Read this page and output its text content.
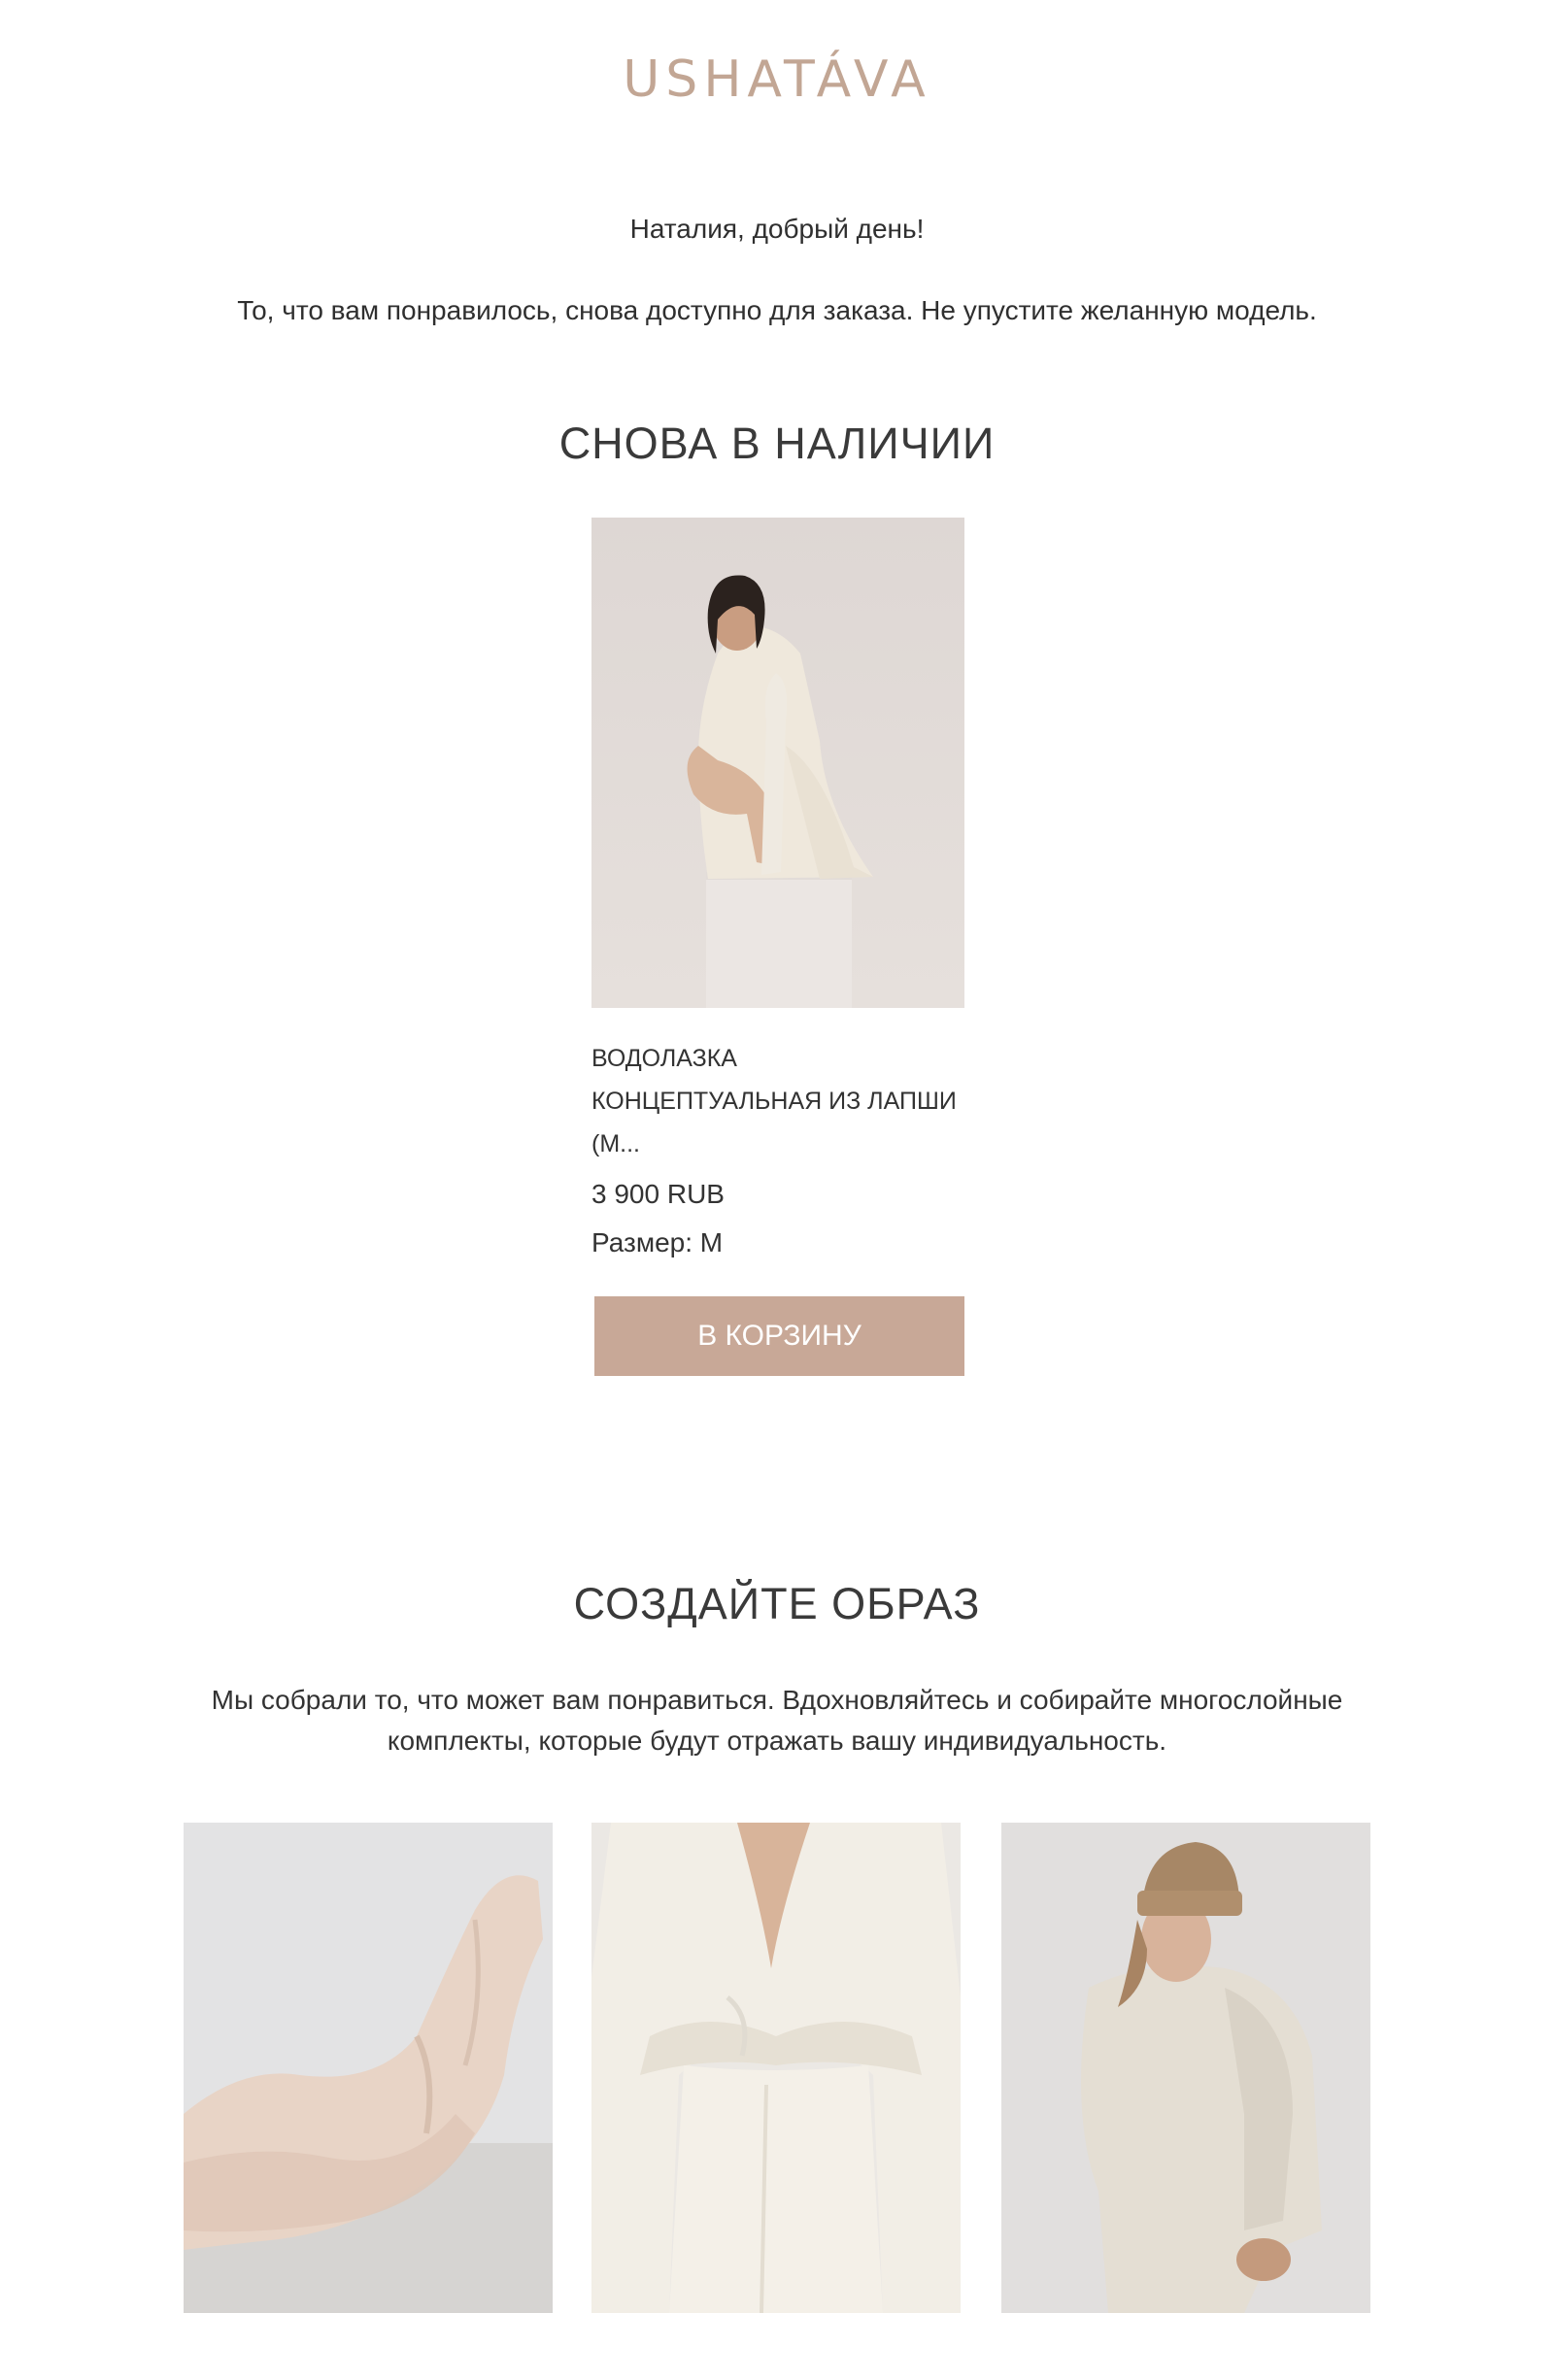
USHATÁVA
Наталия, добрый день!
То, что вам понравилось, снова доступно для заказа. Не упустите желанную модель.
СНОВА В НАЛИЧИИ
ВОДОЛАЗКА
КОНЦЕПТУАЛЬНАЯ ИЗ ЛАПШИ
(М...
3 900 RUB
Размер: М
В КОРЗИНУ
СОЗДАЙТЕ ОБРАЗ
Мы собрали то, что может вам понравиться. Вдохновляйтесь и собирайте многослойные
комплекты, которые будут отражать вашу индивидуальность.
